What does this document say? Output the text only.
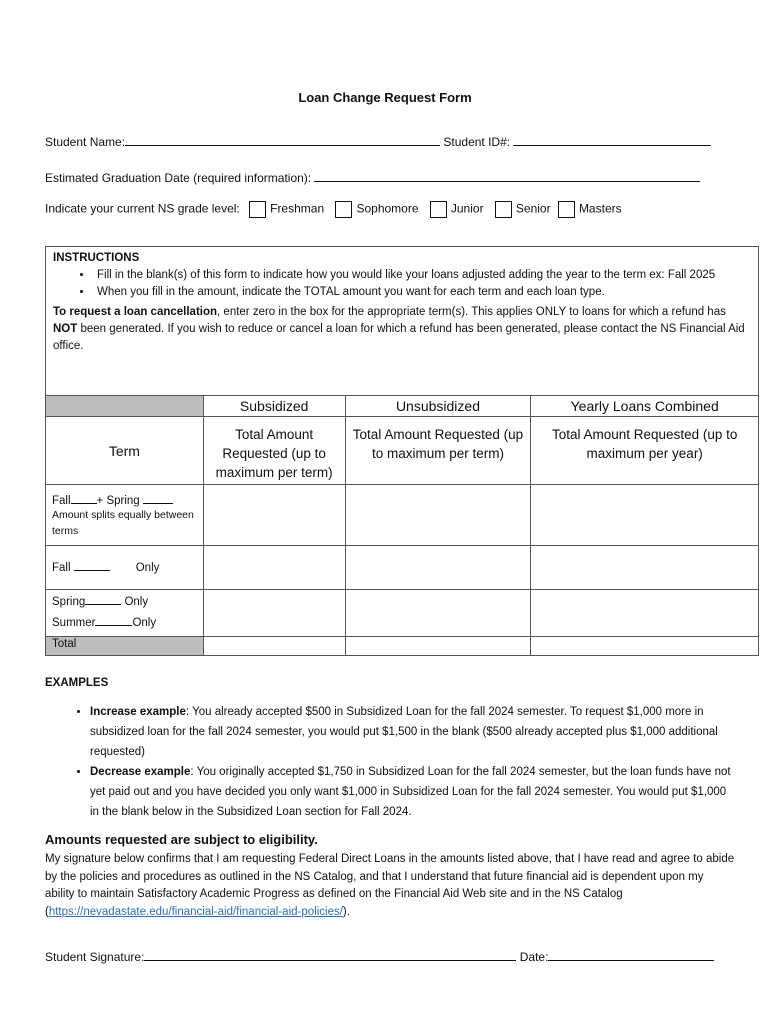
Loan Change Request Form
Student Name:	Student ID#:
Estimated Graduation Date (required information):
Indicate your current NS grade level:	Freshman	Sophomore	Junior	Senior Masters
INSTRUCTIONS
• Fill in the blank(s) of this form to indicate how you would like your loans adjusted adding the year to the term ex: Fall 2025
• When you fill in the amount, indicate the TOTAL amount you want for each term and each loan type.
To request a loan cancellation, enter zero in the box for the appropriate term(s). This applies ONLY to loans for which a refund has NOT been generated. If you wish to reduce or cancel a loan for which a refund has been generated, please contact the NS Financial Aid office.
	Subsidized	Unsubsidized	Yearly Loans Combined
Term	Total Amount Requested (up to maximum per term)	Total Amount Requested (up to maximum per term)	Total Amount Requested (up to maximum per year)

Fall + Spring
Amount splits equally between terms			

Fall Only			

Spring Only
Summer Only			

Total			
EXAMPLES
• Increase example: You already accepted $500 in Subsidized Loan for the fall 2024 semester. To request $1,000 more in subsidized loan for the fall 2024 semester, you would put $1,500 in the blank ($500 already accepted plus $1,000 additional requested)
• Decrease example: You originally accepted $1,750 in Subsidized Loan for the fall 2024 semester, but the loan funds have not yet paid out and you have decided you only want $1,000 in Subsidized Loan for the fall 2024 semester. You would put $1,000 in the blank below in the Subsidized Loan section for Fall 2024.
Amounts requested are subject to eligibility.
My signature below confirms that I am requesting Federal Direct Loans in the amounts listed above, that I have read and agree to abide by the policies and procedures as outlined in the NS Catalog, and that I understand that future financial aid is dependent upon my ability to maintain Satisfactory Academic Progress as defined on the Financial Aid Web site and in the NS Catalog (https://nevadastate.edu/financial-aid/financial-aid-policies/).
Student Signature:	Date:
